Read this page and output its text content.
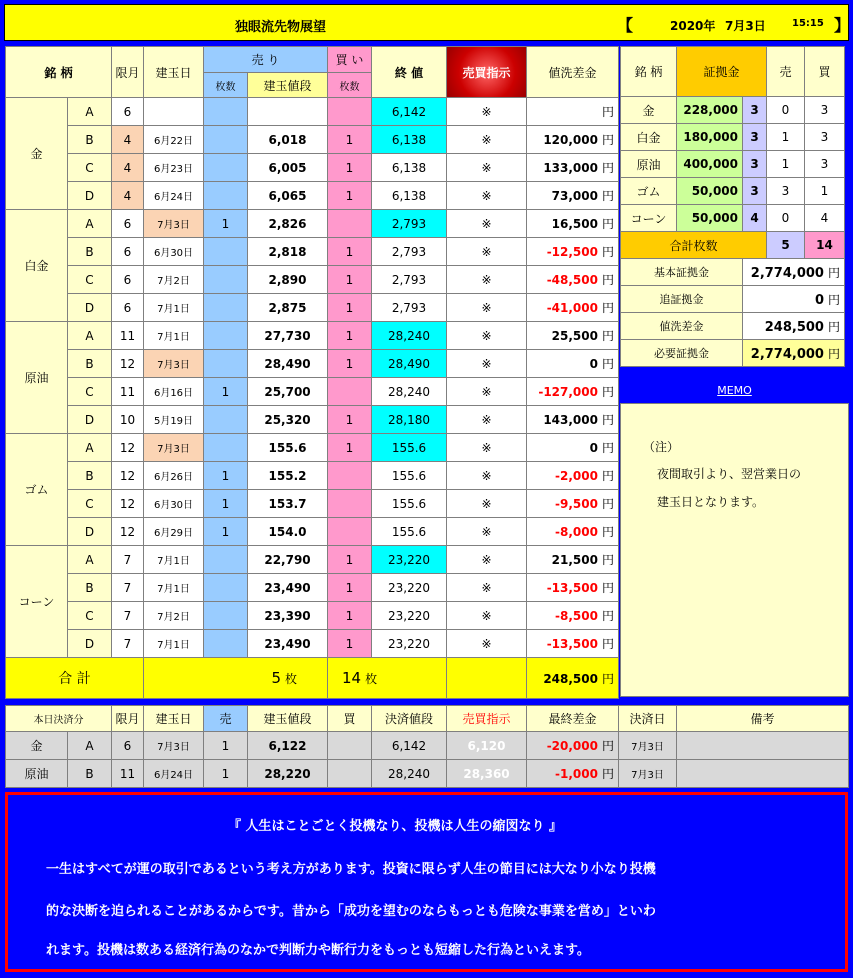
独眼流先物展望	【	2020年 7月3日	15:15 】
銘 柄		限月	建玉日	売 り		買 い	終 値	売買指示	値洗差金
				枚数	建玉値段	枚数			
金	A	6					6,142	※	円
	B	4	6月22日		6,018	1	6,138	※	120,000 円
	C	4	6月23日		6,005	1	6,138	※	133,000 円
	D	4	6月24日		6,065	1	6,138	※	73,000 円
白金	A	6	7月3日	1	2,826		2,793	※	16,500 円
	B	6	6月30日		2,818	1	2,793	※	-12,500 円
	C	6	7月2日		2,890	1	2,793	※	-48,500 円
	D	6	7月1日		2,875	1	2,793	※	-41,000 円
原油	A	11	7月1日		27,730	1	28,240	※	25,500 円
	B	12	7月3日		28,490	1	28,490	※	0 円
	C	11	6月16日	1	25,700		28,240	※	-127,000 円
	D	10	5月19日		25,320	1	28,180	※	143,000 円
ゴム	A	12	7月3日		155.6	1	155.6	※	0 円
	B	12	6月26日	1	155.2		155.6	※	-2,000 円
	C	12	6月30日	1	153.7		155.6	※	-9,500 円
	D	12	6月29日	1	154.0		155.6	※	-8,000 円
コーン	A	7	7月1日		22,790	1	23,220	※	21,500 円
	B	7	7月1日		23,490	1	23,220	※	-13,500 円
	C	7	7月2日		23,390	1	23,220	※	-8,500 円
	D	7	7月1日		23,490	1	23,220	※	-13,500 円
合 計			5 枚			14 枚			248,500 円
銘 柄	証拠金		売	買
金	228,000	3	0	3
白金	180,000	3	1	3
原油	400,000	3	1	3
ゴム	50,000	3	3	1
コーン	50,000	4	0	4
合計枚数			5	14
基本証拠金		2,774,000 円		
追証拠金		0 円		
値洗差金		248,500 円		
必要証拠金		2,774,000 円		
MEMO
（注）
夜間取引より、翌営業日の
建玉日となります。
本日決済分		限月	建玉日	売	建玉値段	買	決済値段	売買指示	最終差金	決済日	備考
金	A	6	7月3日	1	6,122		6,142	6,120	-20,000 円	7月3日	
原油	B	11	6月24日	1	28,220		28,240	28,360	-1,000 円	7月3日	
『 人生はことごとく投機なり、投機は人生の縮図なり 』
一生はすべてが運の取引であるという考え方があります。投資に限らず人生の節目には大なり小なり投機
的な決断を迫られることがあるからです。昔から「成功を望むのならもっとも危険な事業を営め」といわ
れます。投機は数ある経済行為のなかで判断力や断行力をもっとも短縮した行為といえます。
